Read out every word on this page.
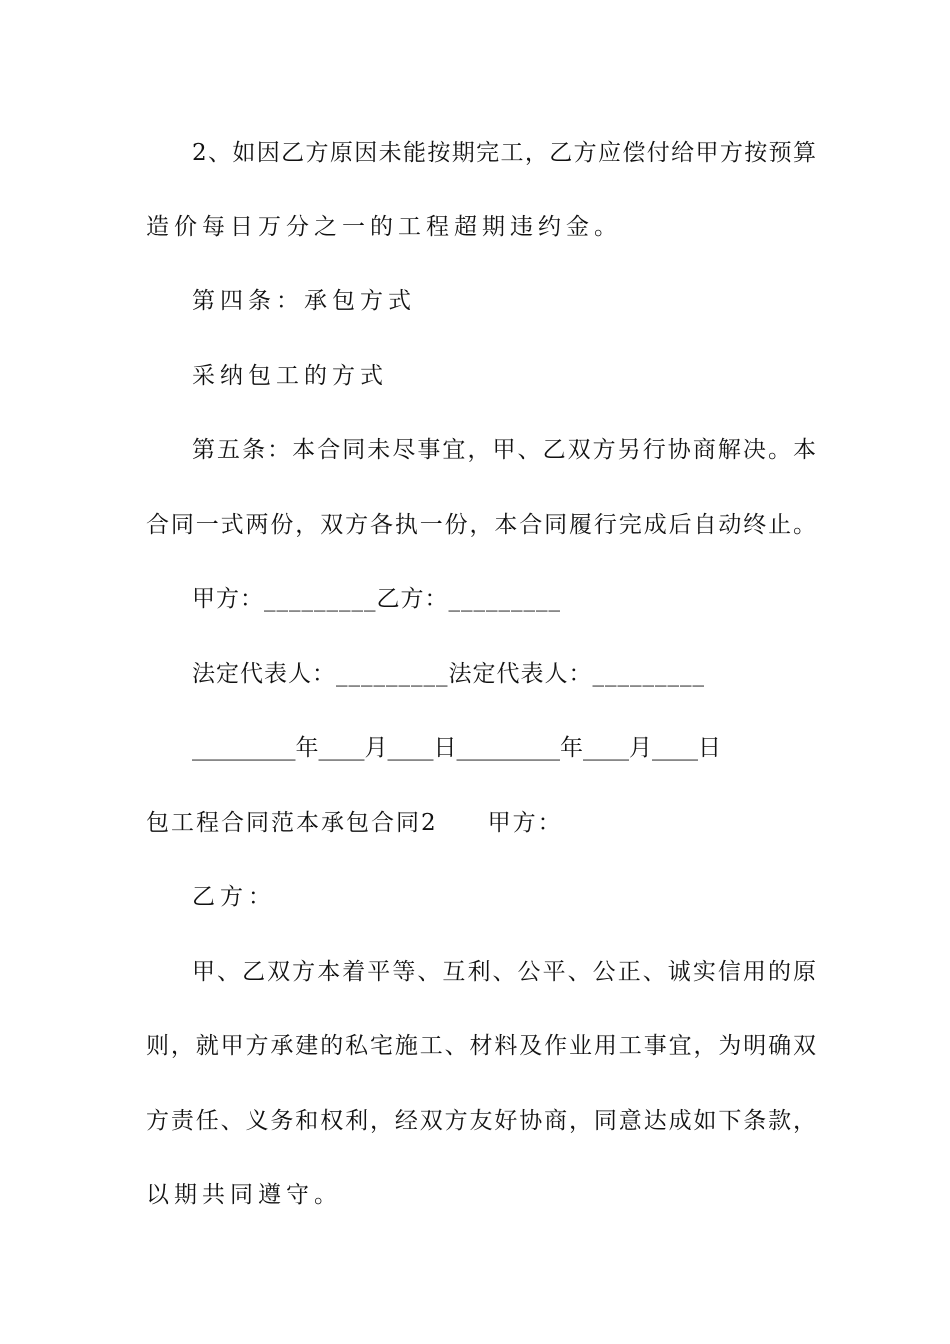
2、如因乙方原因未能按期完工，乙方应偿付给甲方按预算
造价每日万分之一的工程超期违约金。
第四条：承包方式
采纳包工的方式
第五条：本合同未尽事宜，甲、乙双方另行协商解决。本
合同一式两份，双方各执一份，本合同履行完成后自动终止。
甲方：_________乙方：_________
法定代表人：_________法定代表人：_________
_________年____月____日_________年____月____日
包工程合同范本承包合同2　　甲方：
乙方：
甲、乙双方本着平等、互利、公平、公正、诚实信用的原
则，就甲方承建的私宅施工、材料及作业用工事宜，为明确双
方责任、义务和权利，经双方友好协商，同意达成如下条款，
以期共同遵守。
